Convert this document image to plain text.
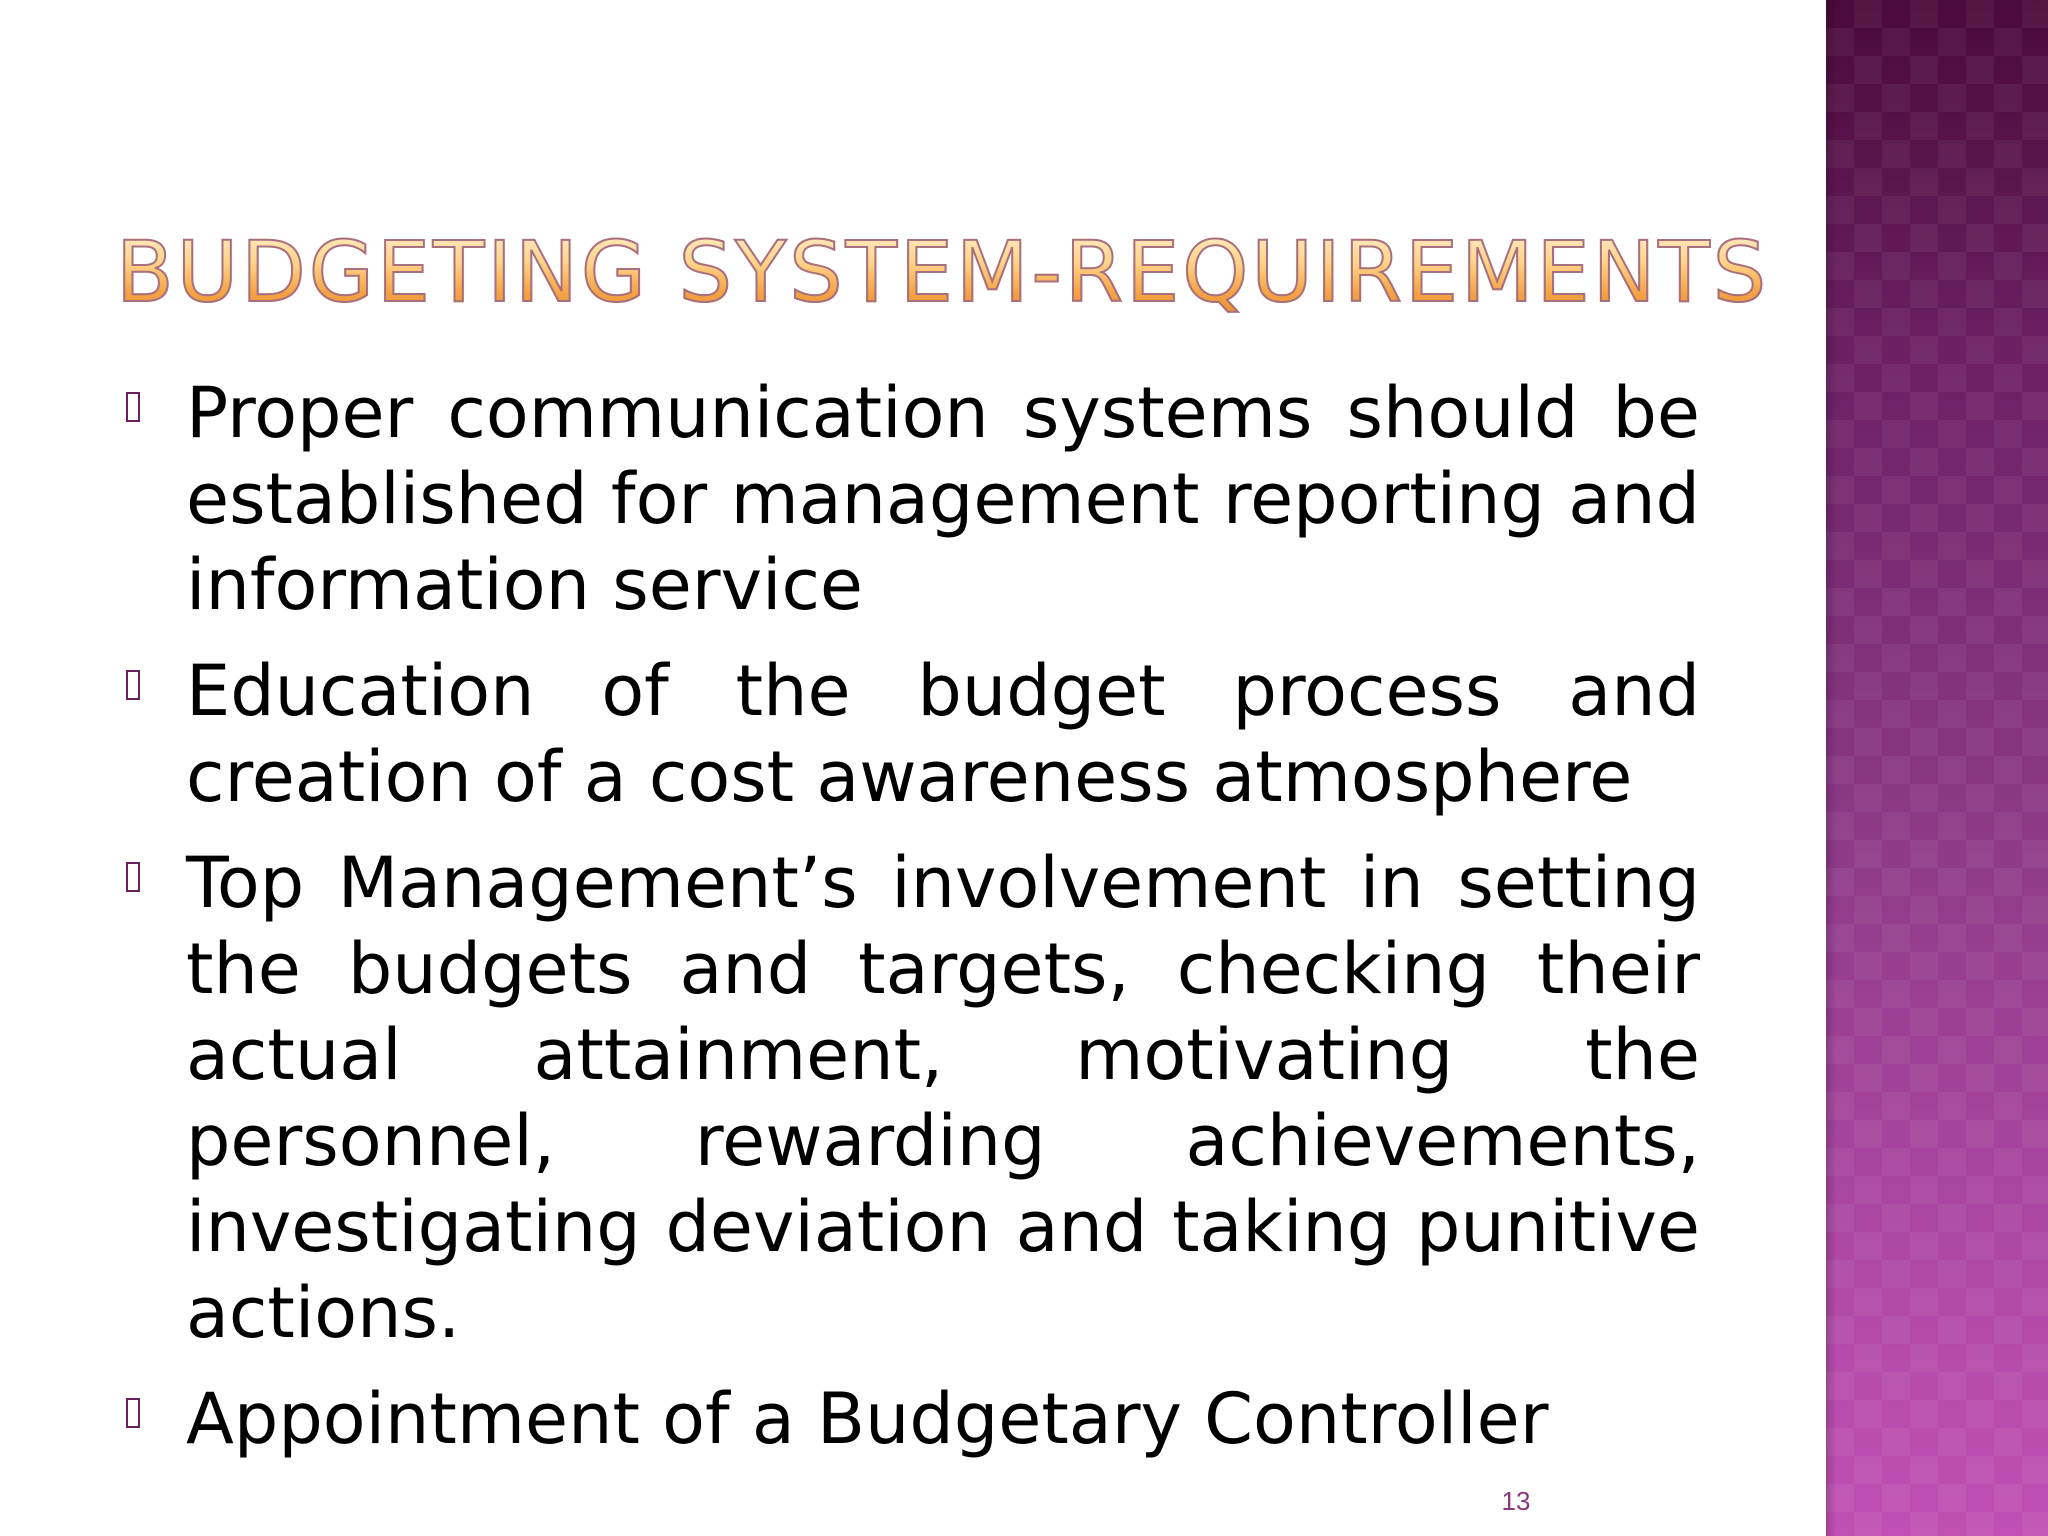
BUDGETING SYSTEM-REQUIREMENTS
Proper communication systems should be established for management reporting and information service
Education of the budget process and creation of a cost awareness atmosphere
Top Management’s involvement in setting the budgets and targets, checking their actual attainment, motivating the personnel, rewarding achievements, investigating deviation and taking punitive actions.
Appointment of a Budgetary Controller
13
